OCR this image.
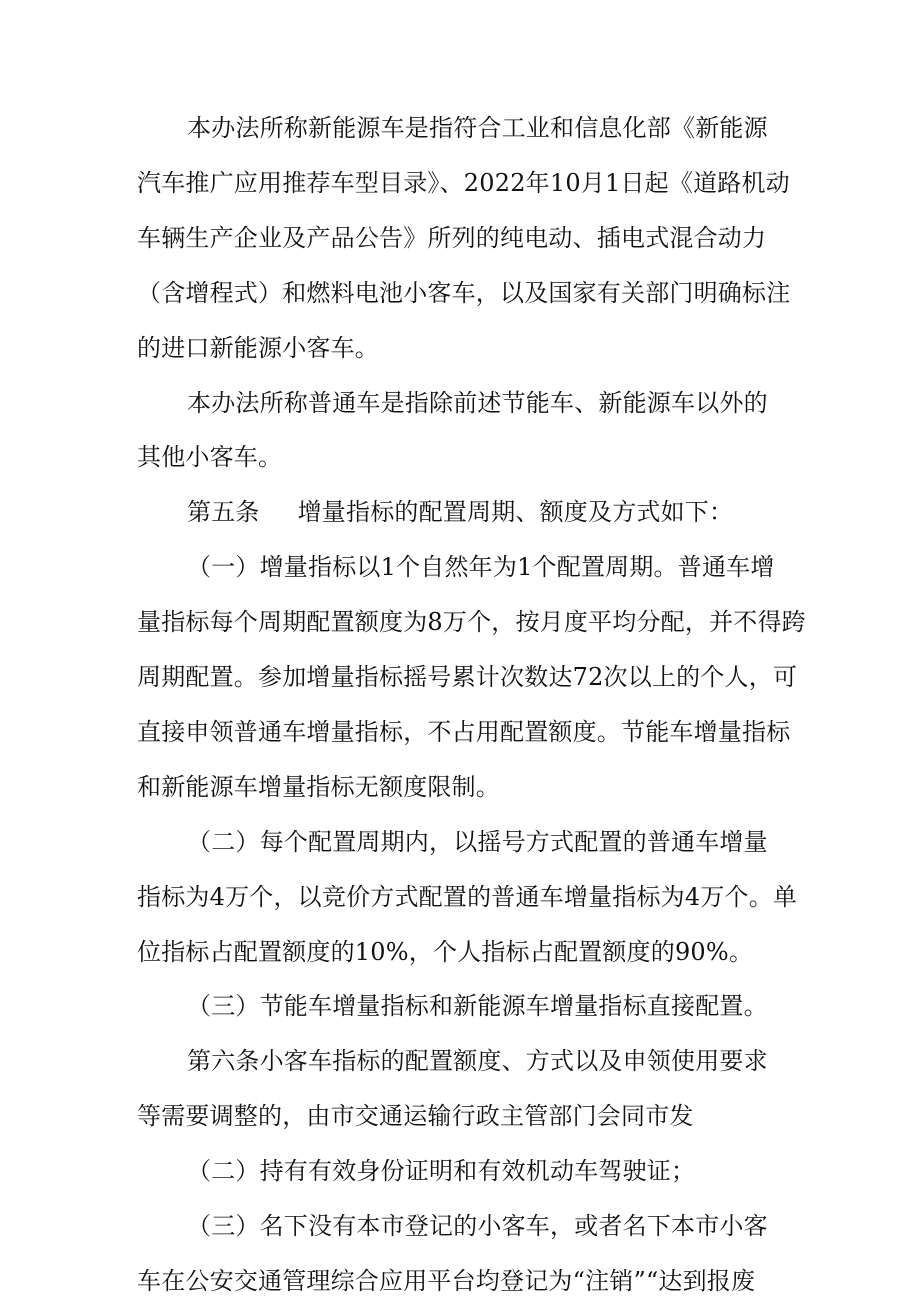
本办法所称新能源车是指符合工业和信息化部《新能源
汽车推广应用推荐车型目录》、2022年10月1日起《道路机动
车辆生产企业及产品公告》所列的纯电动、插电式混合动力
（含增程式）和燃料电池小客车，以及国家有关部门明确标注
的进口新能源小客车。
本办法所称普通车是指除前述节能车、新能源车以外的
其他小客车。
第五条 增量指标的配置周期、额度及方式如下：
（一）增量指标以1个自然年为1个配置周期。普通车增
量指标每个周期配置额度为8万个，按月度平均分配，并不得跨
周期配置。参加增量指标摇号累计次数达72次以上的个人，可
直接申领普通车增量指标，不占用配置额度。节能车增量指标
和新能源车增量指标无额度限制。
（二）每个配置周期内，以摇号方式配置的普通车增量
指标为4万个，以竞价方式配置的普通车增量指标为4万个。单
位指标占配置额度的10%，个人指标占配置额度的90%。
（三）节能车增量指标和新能源车增量指标直接配置。
第六条小客车指标的配置额度、方式以及申领使用要求
等需要调整的，由市交通运输行政主管部门会同市发
（二）持有有效身份证明和有效机动车驾驶证；
（三）名下没有本市登记的小客车，或者名下本市小客
车在公安交通管理综合应用平台均登记为“注销”“达到报废
